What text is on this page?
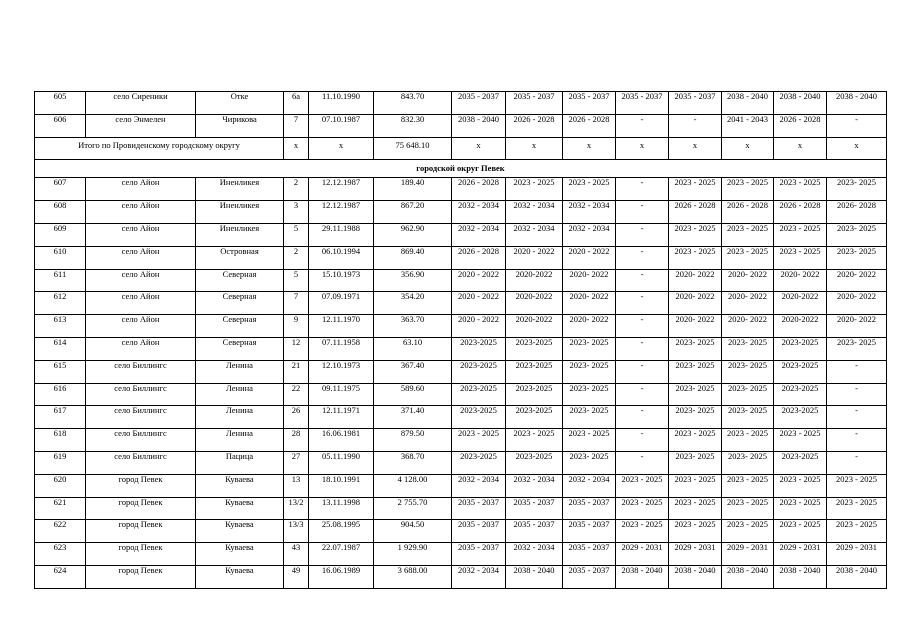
605	село Сиреники	Отке	6а	11.10.1990	843.70	2035 - 2037	2035 - 2037	2035 - 2037	2035 - 2037	2035 - 2037	2038 - 2040	2038 - 2040	2038 - 2040
606	село Энмелен	Чирикова	7	07.10.1987	832.30	2038 - 2040	2026 - 2028	2026 - 2028	-	-	2041 - 2043	2026 - 2028	-
Итого по Провиденскому городскому округу			х	х	75 648.10	х	х	х	х	х	х	х	х
городской округ Певек													
607	село Айон	Иненликея	2	12.12.1987	189.40	2026 - 2028	2023 - 2025	2023 - 2025	-	2023 - 2025	2023 - 2025	2023 - 2025	2023- 2025
608	село Айон	Иненликея	3	12.12.1987	867.20	2032 - 2034	2032 - 2034	2032 - 2034	-	2026 - 2028	2026 - 2028	2026 - 2028	2026- 2028
609	село Айон	Иненликея	5	29.11.1988	962.90	2032 - 2034	2032 - 2034	2032 - 2034	-	2023 - 2025	2023 - 2025	2023 - 2025	2023- 2025
610	село Айон	Островная	2	06.10.1994	869.40	2026 - 2028	2020 - 2022	2020 - 2022	-	2023 - 2025	2023 - 2025	2023 - 2025	2023- 2025
611	село Айон	Северная	5	15.10.1973	356.90	2020 - 2022	2020-2022	2020- 2022	-	2020- 2022	2020- 2022	2020- 2022	2020- 2022
612	село Айон	Северная	7	07.09.1971	354.20	2020 - 2022	2020-2022	2020- 2022	-	2020- 2022	2020- 2022	2020-2022	2020- 2022
613	село Айон	Северная	9	12.11.1970	363.70	2020 - 2022	2020-2022	2020- 2022	-	2020- 2022	2020- 2022	2020-2022	2020- 2022
614	село Айон	Северная	12	07.11.1958	63.10	2023-2025	2023-2025	2023- 2025	-	2023- 2025	2023- 2025	2023-2025	2023- 2025
615	село Биллингс	Ленина	21	12.10.1973	367.40	2023-2025	2023-2025	2023- 2025	-	2023- 2025	2023- 2025	2023-2025	-
616	село Биллингс	Ленина	22	09.11.1975	589.60	2023-2025	2023-2025	2023- 2025	-	2023- 2025	2023- 2025	2023-2025	-
617	село Биллингс	Ленина	26	12.11.1971	371.40	2023-2025	2023-2025	2023- 2025	-	2023- 2025	2023- 2025	2023-2025	-
618	село Биллингс	Ленина	28	16.06.1981	879.50	2023 - 2025	2023 - 2025	2023 - 2025	-	2023 - 2025	2023 - 2025	2023 - 2025	-
619	село Биллингс	Пацица	27	05.11.1990	368.70	2023-2025	2023-2025	2023- 2025	-	2023- 2025	2023- 2025	2023-2025	-
620	город Певек	Куваева	13	18.10.1991	4 128.00	2032 - 2034	2032 - 2034	2032 - 2034	2023 - 2025	2023 - 2025	2023 - 2025	2023 - 2025	2023 - 2025
621	город Певек	Куваева	13/2	13.11.1998	2 755.70	2035 - 2037	2035 - 2037	2035 - 2037	2023 - 2025	2023 - 2025	2023 - 2025	2023 - 2025	2023 - 2025
622	город Певек	Куваева	13/3	25.08.1995	904.50	2035 - 2037	2035 - 2037	2035 - 2037	2023 - 2025	2023 - 2025	2023 - 2025	2023 - 2025	2023 - 2025
623	город Певек	Куваева	43	22.07.1987	1 929.90	2035 - 2037	2032 - 2034	2035 - 2037	2029 - 2031	2029 - 2031	2029 - 2031	2029 - 2031	2029 - 2031
624	город Певек	Куваева	49	16.06.1989	3 688.00	2032 - 2034	2038 - 2040	2035 - 2037	2038 - 2040	2038 - 2040	2038 - 2040	2038 - 2040	2038 - 2040
